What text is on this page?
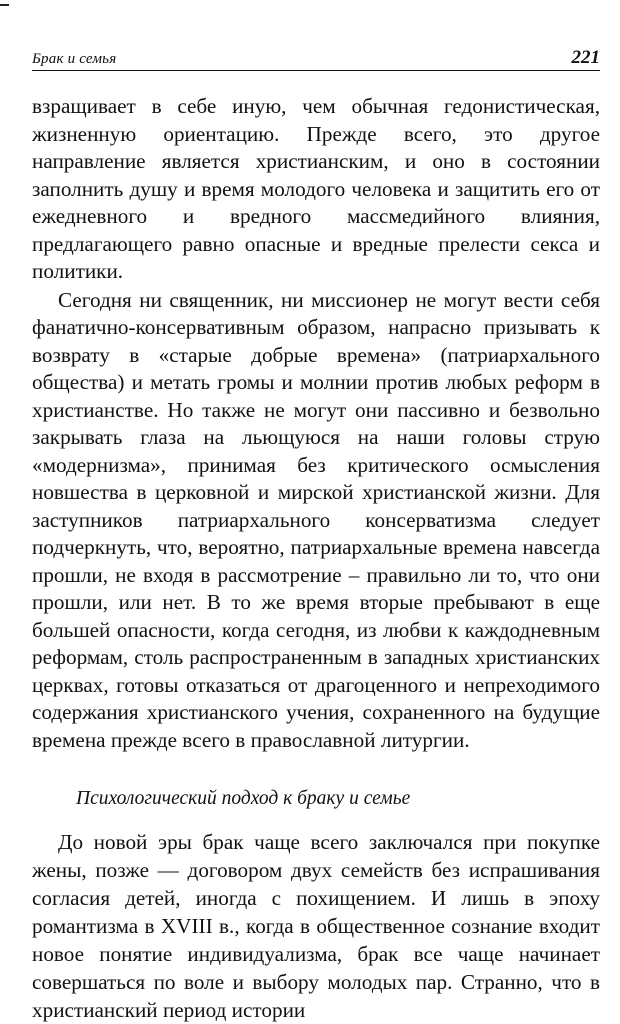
Брак и семья	221

взращивает в себе иную, чем обычная гедонистическая, жизненную ориентацию. Прежде всего, это другое направление является христианским, и оно в состоянии заполнить душу и время молодого человека и защитить его от ежедневного и вредного массмедийного влияния, предлагающего равно опасные и вредные прелести секса и политики.

Сегодня ни священник, ни миссионер не могут вести себя фанатично-консервативным образом, напрасно призывать к возврату в «старые добрые времена» (патриархального общества) и метать громы и молнии против любых реформ в христианстве. Но также не могут они пассивно и безвольно закрывать глаза на льющуюся на наши головы струю «модернизма», принимая без критического осмысления новшества в церковной и мирской христианской жизни. Для заступников патриархального консерватизма следует подчеркнуть, что, вероятно, патриархальные времена навсегда прошли, не входя в рассмотрение – правильно ли то, что они прошли, или нет. В то же время вторые пребывают в еще большей опасности, когда сегодня, из любви к каждодневным реформам, столь распространенным в западных христианских церквах, готовы отказаться от драгоценного и непреходимого содержания христианского учения, сохраненного на будущие времена прежде всего в православной литургии.

Психологический подход к браку и семье

До новой эры брак чаще всего заключался при покупке жены, позже — договором двух семейств без испрашивания согласия детей, иногда с похищением. И лишь в эпоху романтизма в XVIII в., когда в общественное сознание входит новое понятие индивидуализма, брак все чаще начинает совершаться по воле и выбору молодых пар. Странно, что в христианский период истории
